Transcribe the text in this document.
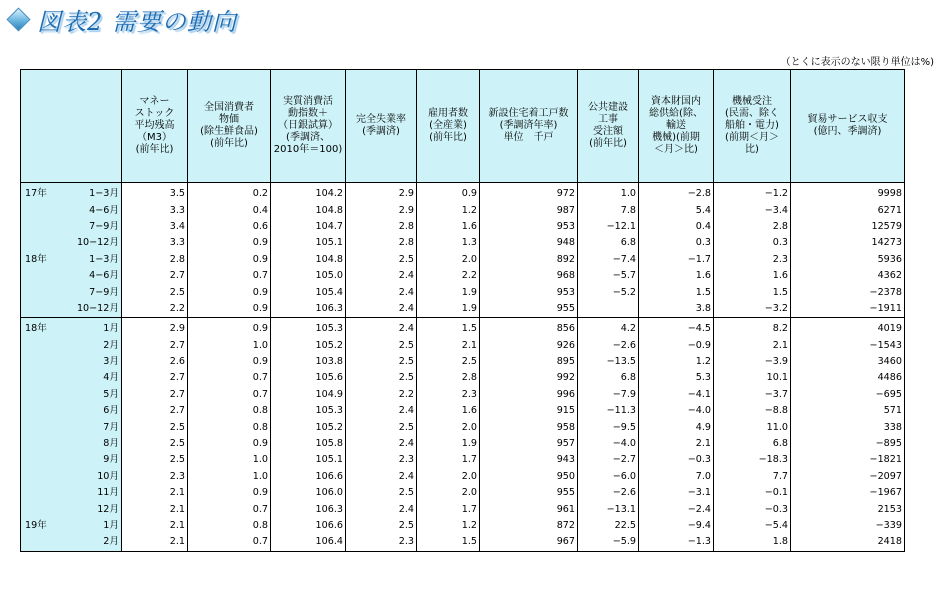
図表2 需要の動向
（とくに表示のない限り単位は%)
	マネー
ストック
平均残高
（M3）
(前年比)	全国消費者
物価
(除生鮮食品)
(前年比)	実質消費活
動指数＋
（日銀試算）
(季調済、
2010年＝100)	完全失業率
(季調済)	雇用者数
(全産業)
(前年比)	新設住宅着工戸数
(季調済年率)
単位　千戸	公共建設
工事
受注額
(前年比)	資本財国内
総供給(除、
輸送
機械)(前期
＜月＞比)	機械受注
(民需、除く
船舶・電力)
(前期＜月＞
比)	貿易サービス収支
(億円、季調済)

17年 1−3月	3.5	0.2	104.2	2.9	0.9	972	1.0	−2.8	−1.2	9998
4−6月	3.3	0.4	104.8	2.9	1.2	987	7.8	5.4	−3.4	6271
7−9月	3.4	0.6	104.7	2.8	1.6	953	−12.1	0.4	2.8	12579
10−12月	3.3	0.9	105.1	2.8	1.3	948	6.8	0.3	0.3	14273
18年 1−3月	2.8	0.9	104.8	2.5	2.0	892	−7.4	−1.7	2.3	5936
4−6月	2.7	0.7	105.0	2.4	2.2	968	−5.7	1.6	1.6	4362
7−9月	2.5	0.9	105.4	2.4	1.9	953	−5.2	1.5	1.5	−2378
10−12月	2.2	0.9	106.3	2.4	1.9	955		3.8	−3.2	−1911

18年 1月	2.9	0.9	105.3	2.4	1.5	856	4.2	−4.5	8.2	4019
2月	2.7	1.0	105.2	2.5	2.1	926	−2.6	−0.9	2.1	−1543
3月	2.6	0.9	103.8	2.5	2.5	895	−13.5	1.2	−3.9	3460
4月	2.7	0.7	105.6	2.5	2.8	992	6.8	5.3	10.1	4486
5月	2.7	0.7	104.9	2.2	2.3	996	−7.9	−4.1	−3.7	−695
6月	2.7	0.8	105.3	2.4	1.6	915	−11.3	−4.0	−8.8	571
7月	2.5	0.8	105.2	2.5	2.0	958	−9.5	4.9	11.0	338
8月	2.5	0.9	105.8	2.4	1.9	957	−4.0	2.1	6.8	−895
9月	2.5	1.0	105.1	2.3	1.7	943	−2.7	−0.3	−18.3	−1821
10月	2.3	1.0	106.6	2.4	2.0	950	−6.0	7.0	7.7	−2097
11月	2.1	0.9	106.0	2.5	2.0	955	−2.6	−3.1	−0.1	−1967
12月	2.1	0.7	106.3	2.4	1.7	961	−13.1	−2.4	−0.3	2153
19年 1月	2.1	0.8	106.6	2.5	1.2	872	22.5	−9.4	−5.4	−339
2月	2.1	0.7	106.4	2.3	1.5	967	−5.9	−1.3	1.8	2418
